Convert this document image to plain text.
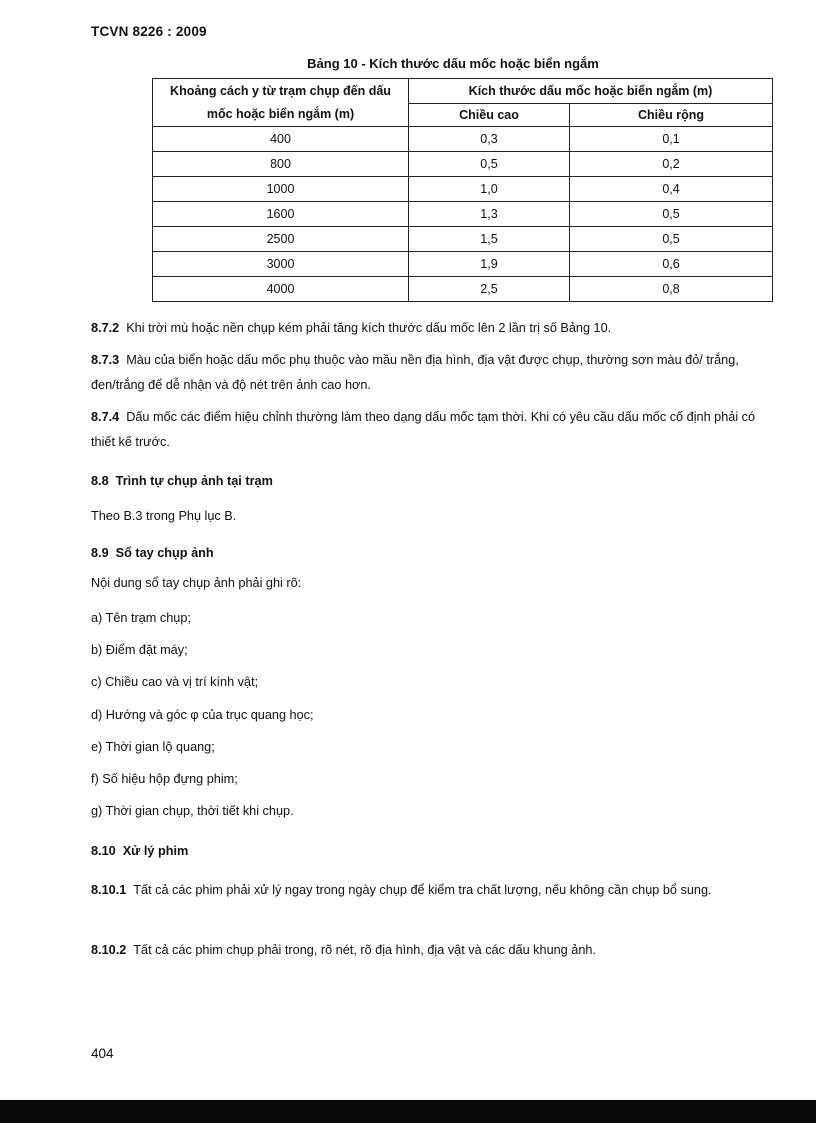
TCVN 8226 : 2009
Bảng 10 - Kích thước dấu mốc hoặc biển ngắm
Khoảng cách y từ trạm chụp đến dấu mốc hoặc biển ngắm (m)	Kích thước dấu mốc hoặc biển ngắm (m)	
	Chiều cao	Chiều rộng
400	0,3	0,1
800	0,5	0,2
1000	1,0	0,4
1600	1,3	0,5
2500	1,5	0,5
3000	1,9	0,6
4000	2,5	0,8
8.7.2 Khi trời mù hoặc nền chụp kém phải tăng kích thước dấu mốc lên 2 lần trị số Bảng 10.
8.7.3 Màu của biển hoặc dấu mốc phụ thuộc vào mầu nền địa hình, địa vật được chụp, thường sơn màu đỏ/ trắng, đen/trắng để dễ nhận và độ nét trên ảnh cao hơn.
8.7.4 Dấu mốc các điểm hiệu chỉnh thường làm theo dạng dấu mốc tạm thời. Khi có yêu cầu dấu mốc cố định phải có thiết kế trước.
8.8 Trình tự chụp ảnh tại trạm
Theo B.3 trong Phụ lục B.
8.9 Sổ tay chụp ảnh
Nội dung sổ tay chụp ảnh phải ghi rõ:
a) Tên trạm chụp;
b) Điểm đặt máy;
c) Chiều cao và vị trí kính vật;
d) Hướng và góc φ của trục quang học;
e) Thời gian lộ quang;
f) Số hiệu hộp đựng phim;
g) Thời gian chụp, thời tiết khi chụp.
8.10 Xử lý phim
8.10.1 Tất cả các phim phải xử lý ngay trong ngày chụp để kiểm tra chất lượng, nếu không cần chụp bổ sung.
8.10.2 Tất cả các phim chụp phải trong, rõ nét, rõ địa hình, địa vật và các dấu khung ảnh.
404
